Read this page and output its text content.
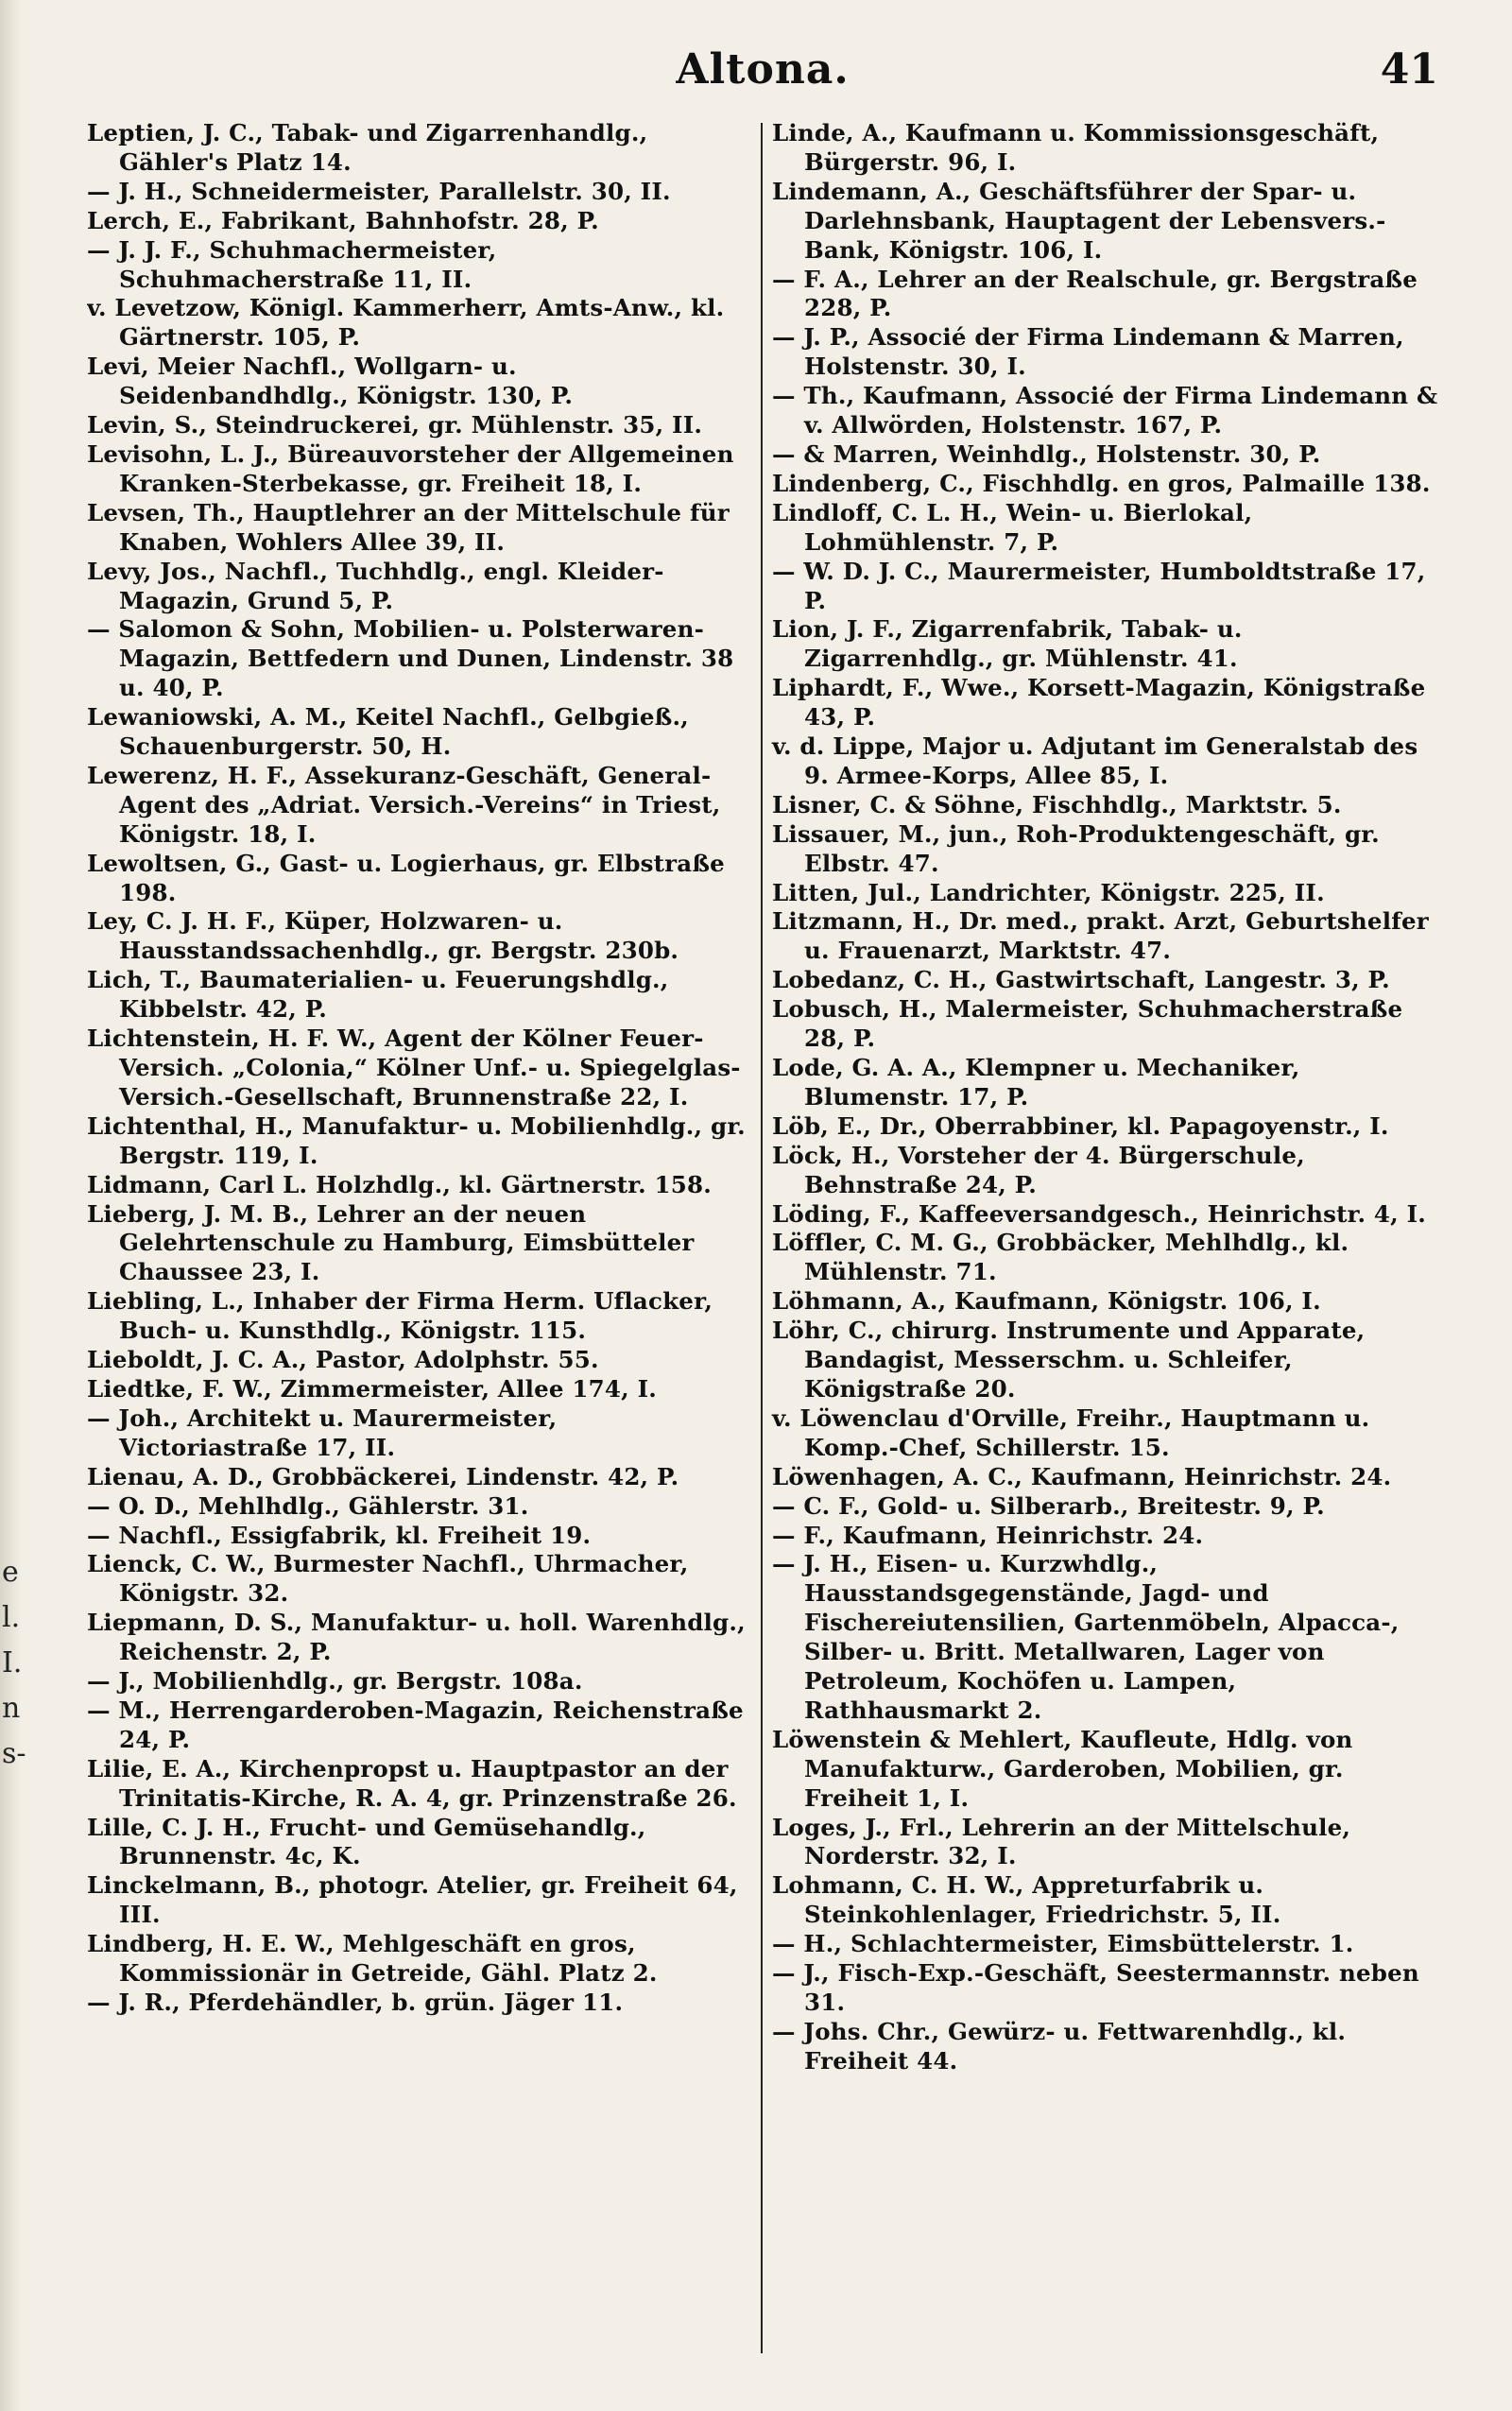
e
l.
I.
n
s-
Altona.	41
Leptien, J. C., Tabak- und Zigarrenhandlg., Gähler's Platz 14.
— J. H., Schneidermeister, Parallelstr. 30, II.
Lerch, E., Fabrikant, Bahnhofstr. 28, P.
— J. J. F., Schuhmachermeister, Schuhmacherstraße 11, II.
v. Levetzow, Königl. Kammerherr, Amts-Anw., kl. Gärtnerstr. 105, P.
Levi, Meier Nachfl., Wollgarn- u. Seidenbandhdlg., Königstr. 130, P.
Levin, S., Steindruckerei, gr. Mühlenstr. 35, II.
Levisohn, L. J., Büreauvorsteher der Allgemeinen Kranken-Sterbekasse, gr. Freiheit 18, I.
Levsen, Th., Hauptlehrer an der Mittelschule für Knaben, Wohlers Allee 39, II.
Levy, Jos., Nachfl., Tuchhdlg., engl. Kleider-Magazin, Grund 5, P.
— Salomon & Sohn, Mobilien- u. Polsterwaren-Magazin, Bettfedern und Dunen, Lindenstr. 38 u. 40, P.
Lewaniowski, A. M., Keitel Nachfl., Gelbgieß., Schauenburgerstr. 50, H.
Lewerenz, H. F., Assekuranz-Geschäft, General-Agent des „Adriat. Versich.-Vereins“ in Triest, Königstr. 18, I.
Lewoltsen, G., Gast- u. Logierhaus, gr. Elbstraße 198.
Ley, C. J. H. F., Küper, Holzwaren- u. Hausstandssachenhdlg., gr. Bergstr. 230b.
Lich, T., Baumaterialien- u. Feuerungshdlg., Kibbelstr. 42, P.
Lichtenstein, H. F. W., Agent der Kölner Feuer-Versich. „Colonia,“ Kölner Unf.- u. Spiegelglas-Versich.-Gesellschaft, Brunnenstraße 22, I.
Lichtenthal, H., Manufaktur- u. Mobilienhdlg., gr. Bergstr. 119, I.
Lidmann, Carl L. Holzhdlg., kl. Gärtnerstr. 158.
Lieberg, J. M. B., Lehrer an der neuen Gelehrtenschule zu Hamburg, Eimsbütteler Chaussee 23, I.
Liebling, L., Inhaber der Firma Herm. Uflacker, Buch- u. Kunsthdlg., Königstr. 115.
Lieboldt, J. C. A., Pastor, Adolphstr. 55.
Liedtke, F. W., Zimmermeister, Allee 174, I.
— Joh., Architekt u. Maurermeister, Victoriastraße 17, II.
Lienau, A. D., Grobbäckerei, Lindenstr. 42, P.
— O. D., Mehlhdlg., Gählerstr. 31.
— Nachfl., Essigfabrik, kl. Freiheit 19.
Lienck, C. W., Burmester Nachfl., Uhrmacher, Königstr. 32.
Liepmann, D. S., Manufaktur- u. holl. Warenhdlg., Reichenstr. 2, P.
— J., Mobilienhdlg., gr. Bergstr. 108a.
— M., Herrengarderoben-Magazin, Reichenstraße 24, P.
Lilie, E. A., Kirchenpropst u. Hauptpastor an der Trinitatis-Kirche, R. A. 4, gr. Prinzenstraße 26.
Lille, C. J. H., Frucht- und Gemüsehandlg., Brunnenstr. 4c, K.
Linckelmann, B., photogr. Atelier, gr. Freiheit 64, III.
Lindberg, H. E. W., Mehlgeschäft en gros, Kommissionär in Getreide, Gähl. Platz 2.
— J. R., Pferdehändler, b. grün. Jäger 11.
Linde, A., Kaufmann u. Kommissionsgeschäft, Bürgerstr. 96, I.
Lindemann, A., Geschäftsführer der Spar- u. Darlehnsbank, Hauptagent der Lebensvers.-Bank, Königstr. 106, I.
— F. A., Lehrer an der Realschule, gr. Bergstraße 228, P.
— J. P., Associé der Firma Lindemann & Marren, Holstenstr. 30, I.
— Th., Kaufmann, Associé der Firma Lindemann & v. Allwörden, Holstenstr. 167, P.
— & Marren, Weinhdlg., Holstenstr. 30, P.
Lindenberg, C., Fischhdlg. en gros, Palmaille 138.
Lindloff, C. L. H., Wein- u. Bierlokal, Lohmühlenstr. 7, P.
— W. D. J. C., Maurermeister, Humboldtstraße 17, P.
Lion, J. F., Zigarrenfabrik, Tabak- u. Zigarrenhdlg., gr. Mühlenstr. 41.
Liphardt, F., Wwe., Korsett-Magazin, Königstraße 43, P.
v. d. Lippe, Major u. Adjutant im Generalstab des 9. Armee-Korps, Allee 85, I.
Lisner, C. & Söhne, Fischhdlg., Marktstr. 5.
Lissauer, M., jun., Roh-Produktengeschäft, gr. Elbstr. 47.
Litten, Jul., Landrichter, Königstr. 225, II.
Litzmann, H., Dr. med., prakt. Arzt, Geburtshelfer u. Frauenarzt, Marktstr. 47.
Lobedanz, C. H., Gastwirtschaft, Langestr. 3, P.
Lobusch, H., Malermeister, Schuhmacherstraße 28, P.
Lode, G. A. A., Klempner u. Mechaniker, Blumenstr. 17, P.
Löb, E., Dr., Oberrabbiner, kl. Papagoyenstr., I.
Löck, H., Vorsteher der 4. Bürgerschule, Behnstraße 24, P.
Löding, F., Kaffeeversandgesch., Heinrichstr. 4, I.
Löffler, C. M. G., Grobbäcker, Mehlhdlg., kl. Mühlenstr. 71.
Löhmann, A., Kaufmann, Königstr. 106, I.
Löhr, C., chirurg. Instrumente und Apparate, Bandagist, Messerschm. u. Schleifer, Königstraße 20.
v. Löwenclau d'Orville, Freihr., Hauptmann u. Komp.-Chef, Schillerstr. 15.
Löwenhagen, A. C., Kaufmann, Heinrichstr. 24.
— C. F., Gold- u. Silberarb., Breitestr. 9, P.
— F., Kaufmann, Heinrichstr. 24.
— J. H., Eisen- u. Kurzwhdlg., Hausstandsgegenstände, Jagd- und Fischereiutensilien, Gartenmöbeln, Alpacca-, Silber- u. Britt. Metallwaren, Lager von Petroleum, Kochöfen u. Lampen, Rathhausmarkt 2.
Löwenstein & Mehlert, Kaufleute, Hdlg. von Manufakturw., Garderoben, Mobilien, gr. Freiheit 1, I.
Loges, J., Frl., Lehrerin an der Mittelschule, Norderstr. 32, I.
Lohmann, C. H. W., Appreturfabrik u. Steinkohlenlager, Friedrichstr. 5, II.
— H., Schlachtermeister, Eimsbüttelerstr. 1.
— J., Fisch-Exp.-Geschäft, Seestermannstr. neben 31.
— Johs. Chr., Gewürz- u. Fettwarenhdlg., kl. Freiheit 44.
